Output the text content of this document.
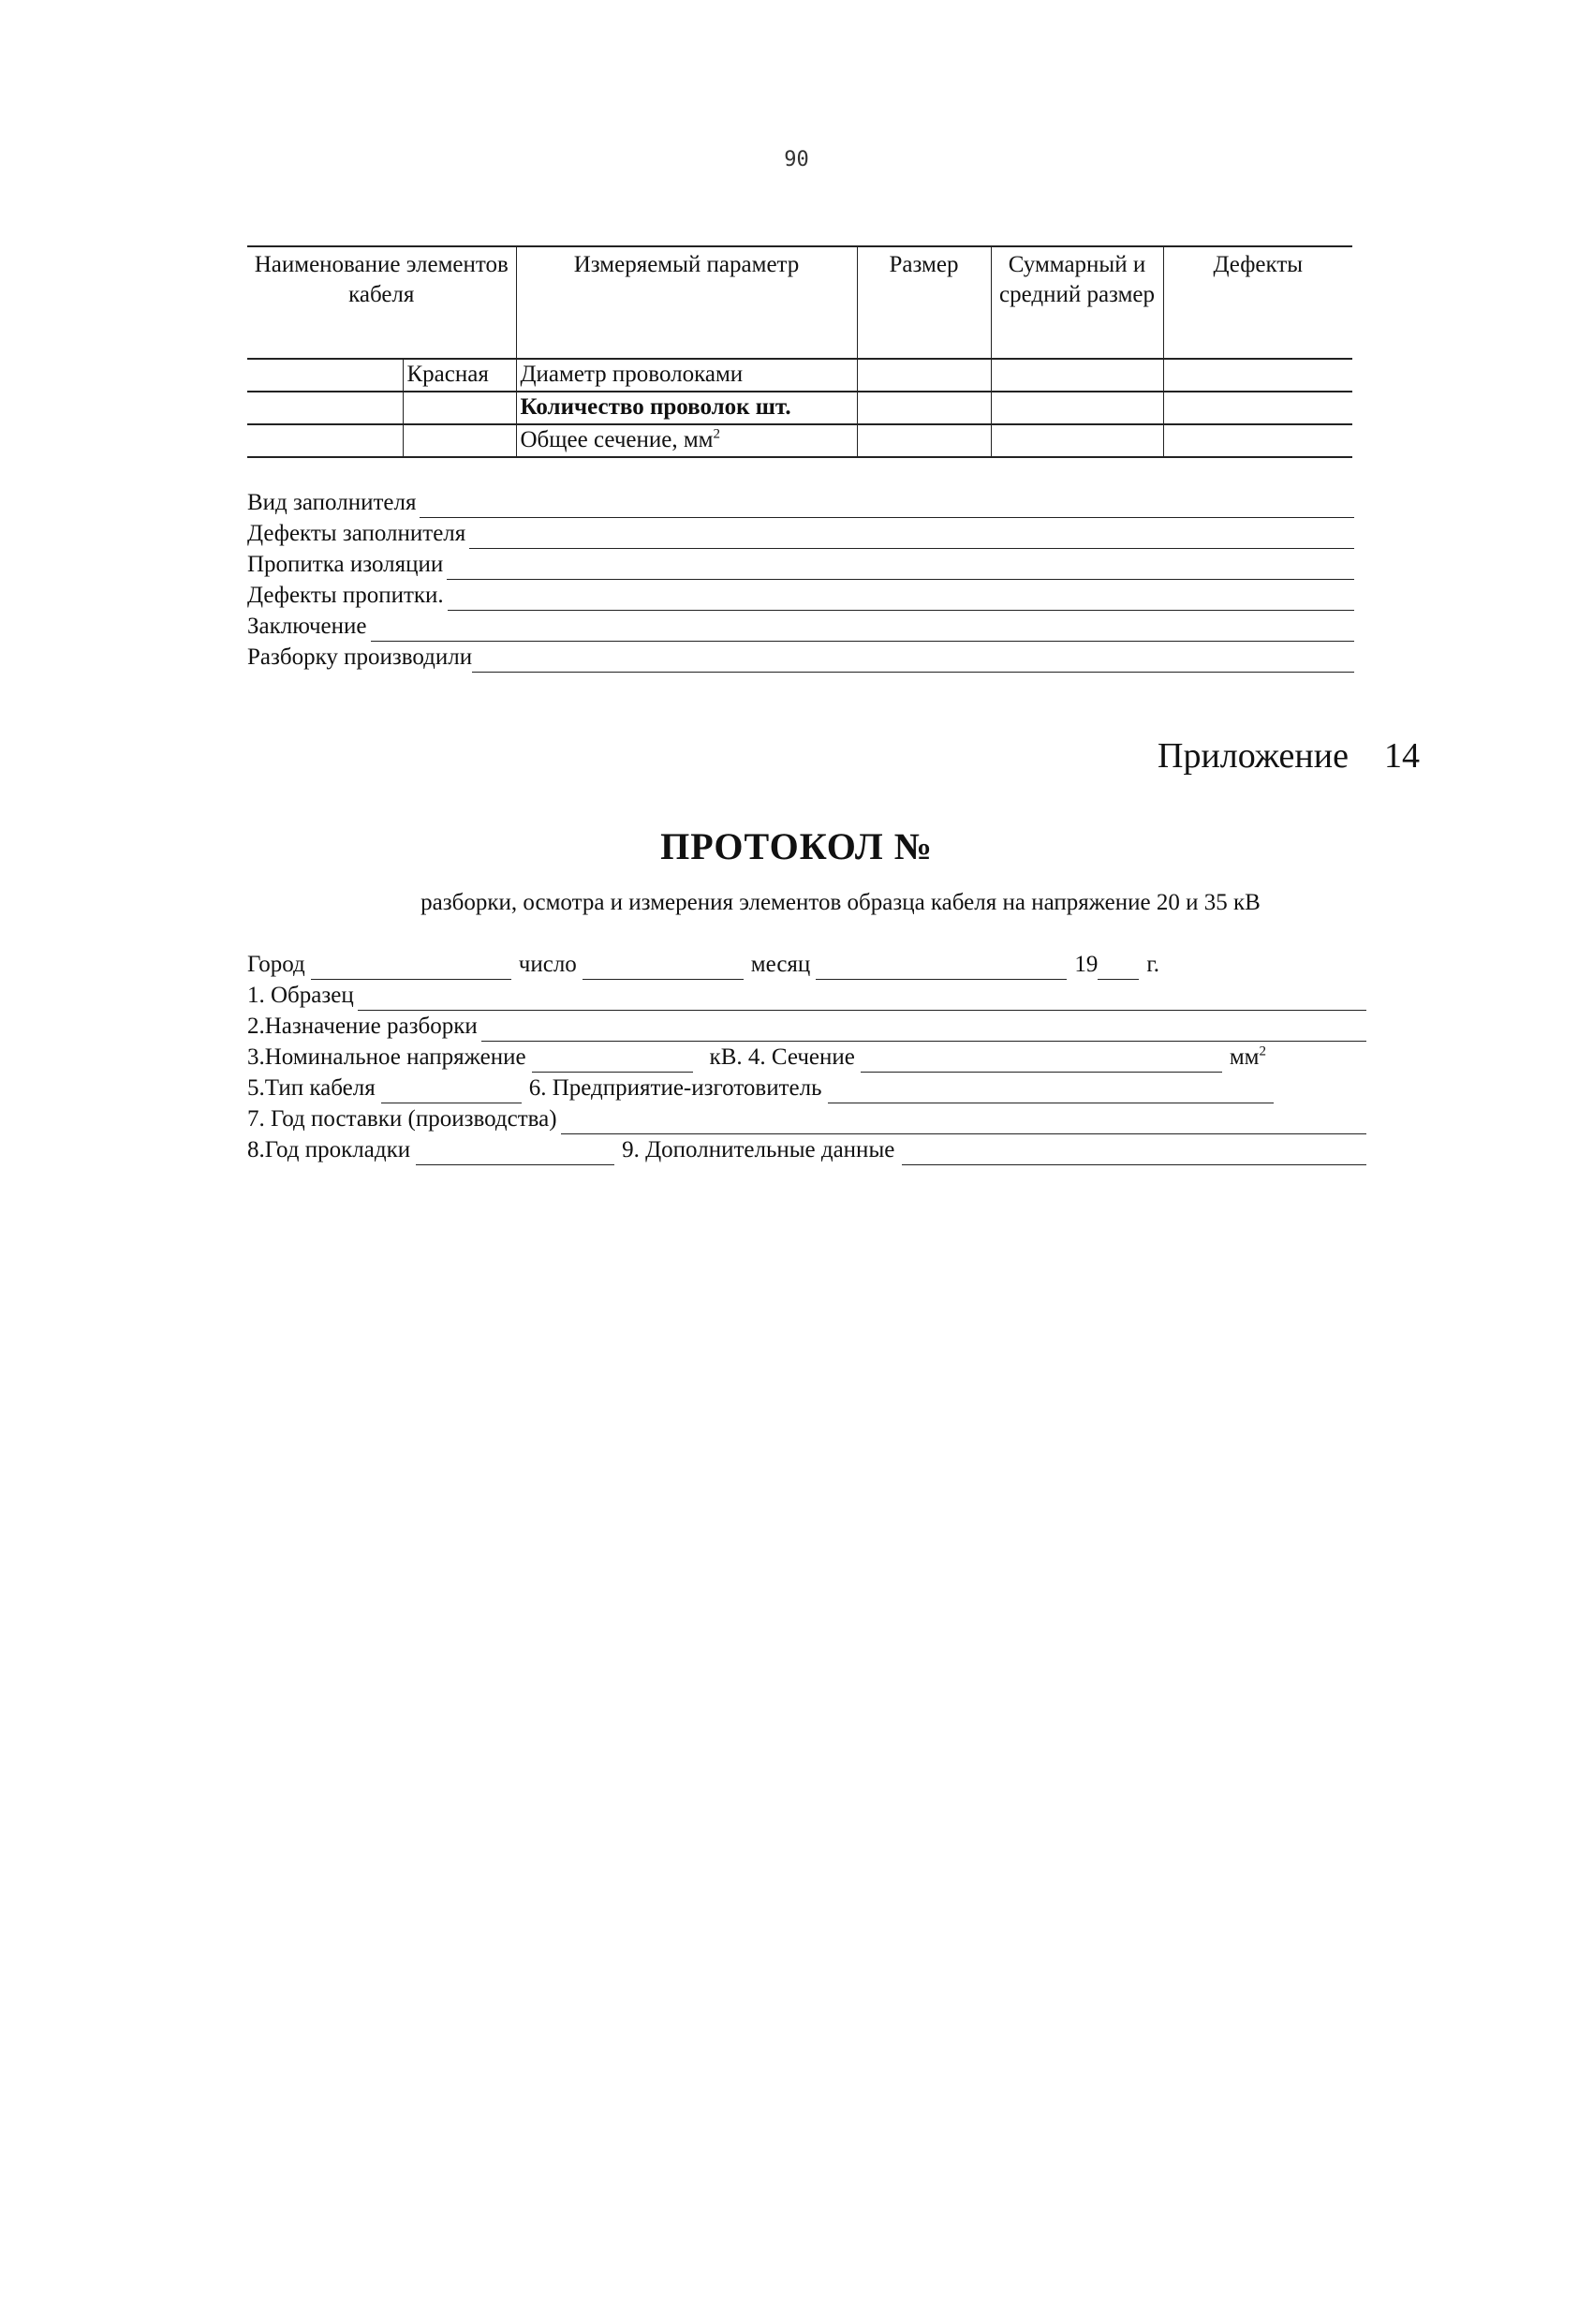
90
Наименование элементов кабеля		Измеряемый параметр	Размер	Суммарный и средний размер	Дефекты
	Красная	Диаметр проволоками			
		Количество проволок шт.			
		Общее сечение, $мм^2$			
Вид заполнителя
Дефекты заполнителя
Пропитка изоляции
Дефекты пропитки.
Заключение
Разборку производили
Приложение 14
ПРОТОКОЛ №
разборки, осмотра и измерения элементов образца кабеля на напряжение 20 и 35 кВ
Город	число	месяц	19 г.
1. Образец
2.Назначение разборки
3.Номинальное напряжение	кВ. 4. Сечение	$мм^2$
5.Тип кабеля	6. Предприятие-изготовитель
7. Год поставки (производства)
8.Год прокладки	9. Дополнительные данные
